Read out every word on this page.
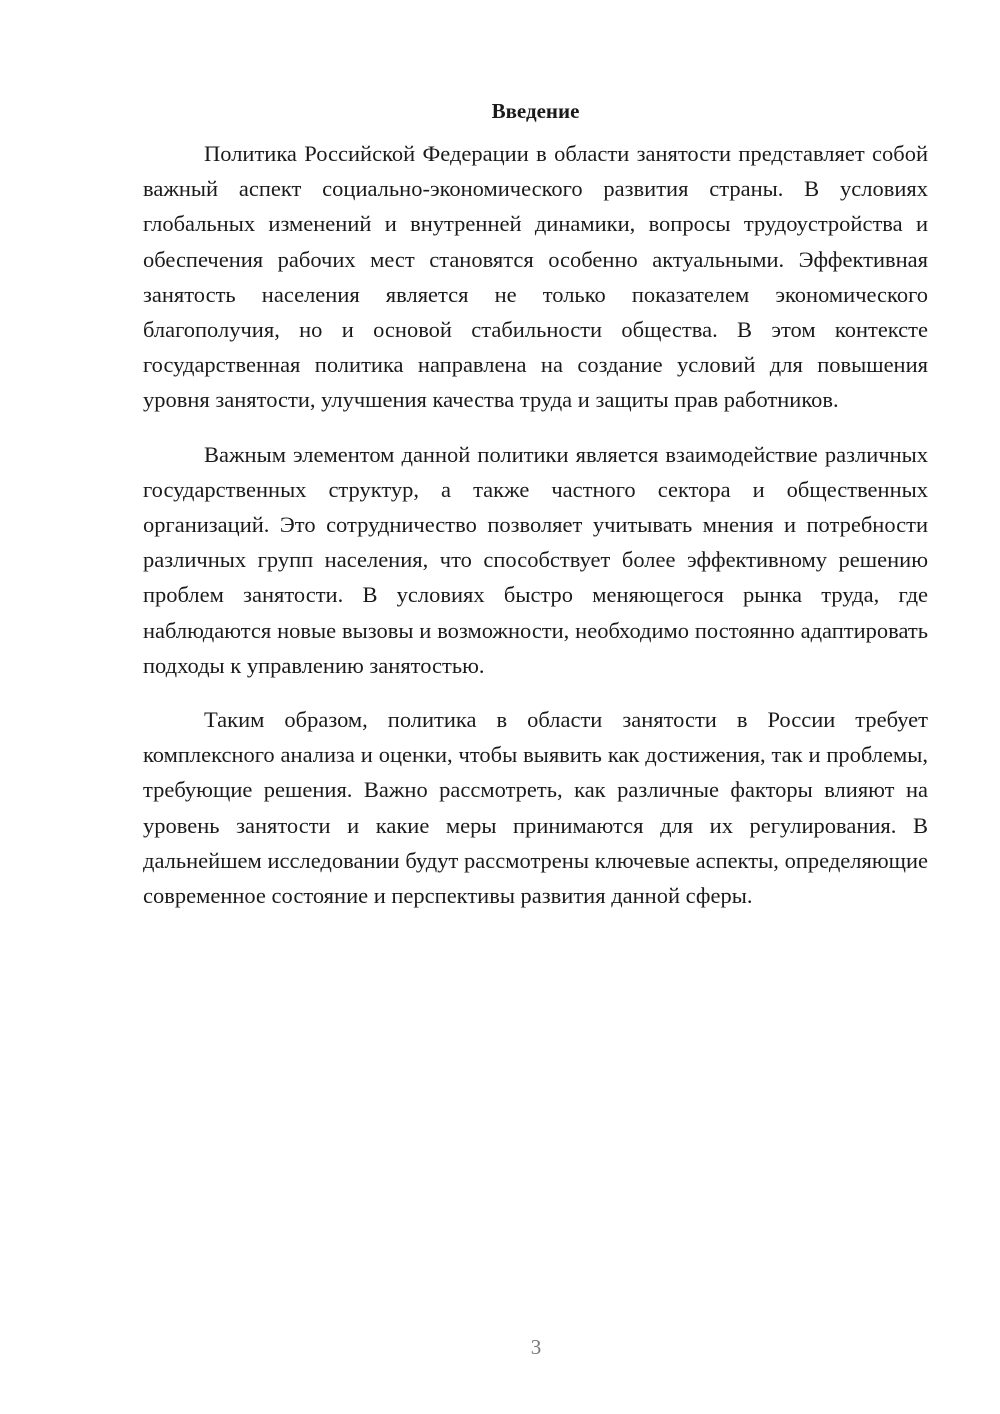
Введение

Политика Российской Федерации в области занятости представляет собой важный аспект социально-экономического развития страны. В условиях глобальных изменений и внутренней динамики, вопросы трудоустройства и обеспечения рабочих мест становятся особенно актуальными. Эффективная занятость населения является не только показателем экономического благополучия, но и основой стабильности общества. В этом контексте государственная политика направлена на создание условий для повышения уровня занятости, улучшения качества труда и защиты прав работников.

Важным элементом данной политики является взаимодействие различных государственных структур, а также частного сектора и общественных организаций. Это сотрудничество позволяет учитывать мнения и потребности различных групп населения, что способствует более эффективному решению проблем занятости. В условиях быстро меняющегося рынка труда, где наблюдаются новые вызовы и возможности, необходимо постоянно адаптировать подходы к управлению занятостью.

Таким образом, политика в области занятости в России требует комплексного анализа и оценки, чтобы выявить как достижения, так и проблемы, требующие решения. Важно рассмотреть, как различные факторы влияют на уровень занятости и какие меры принимаются для их регулирования. В дальнейшем исследовании будут рассмотрены ключевые аспекты, определяющие современное состояние и перспективы развития данной сферы.

3
